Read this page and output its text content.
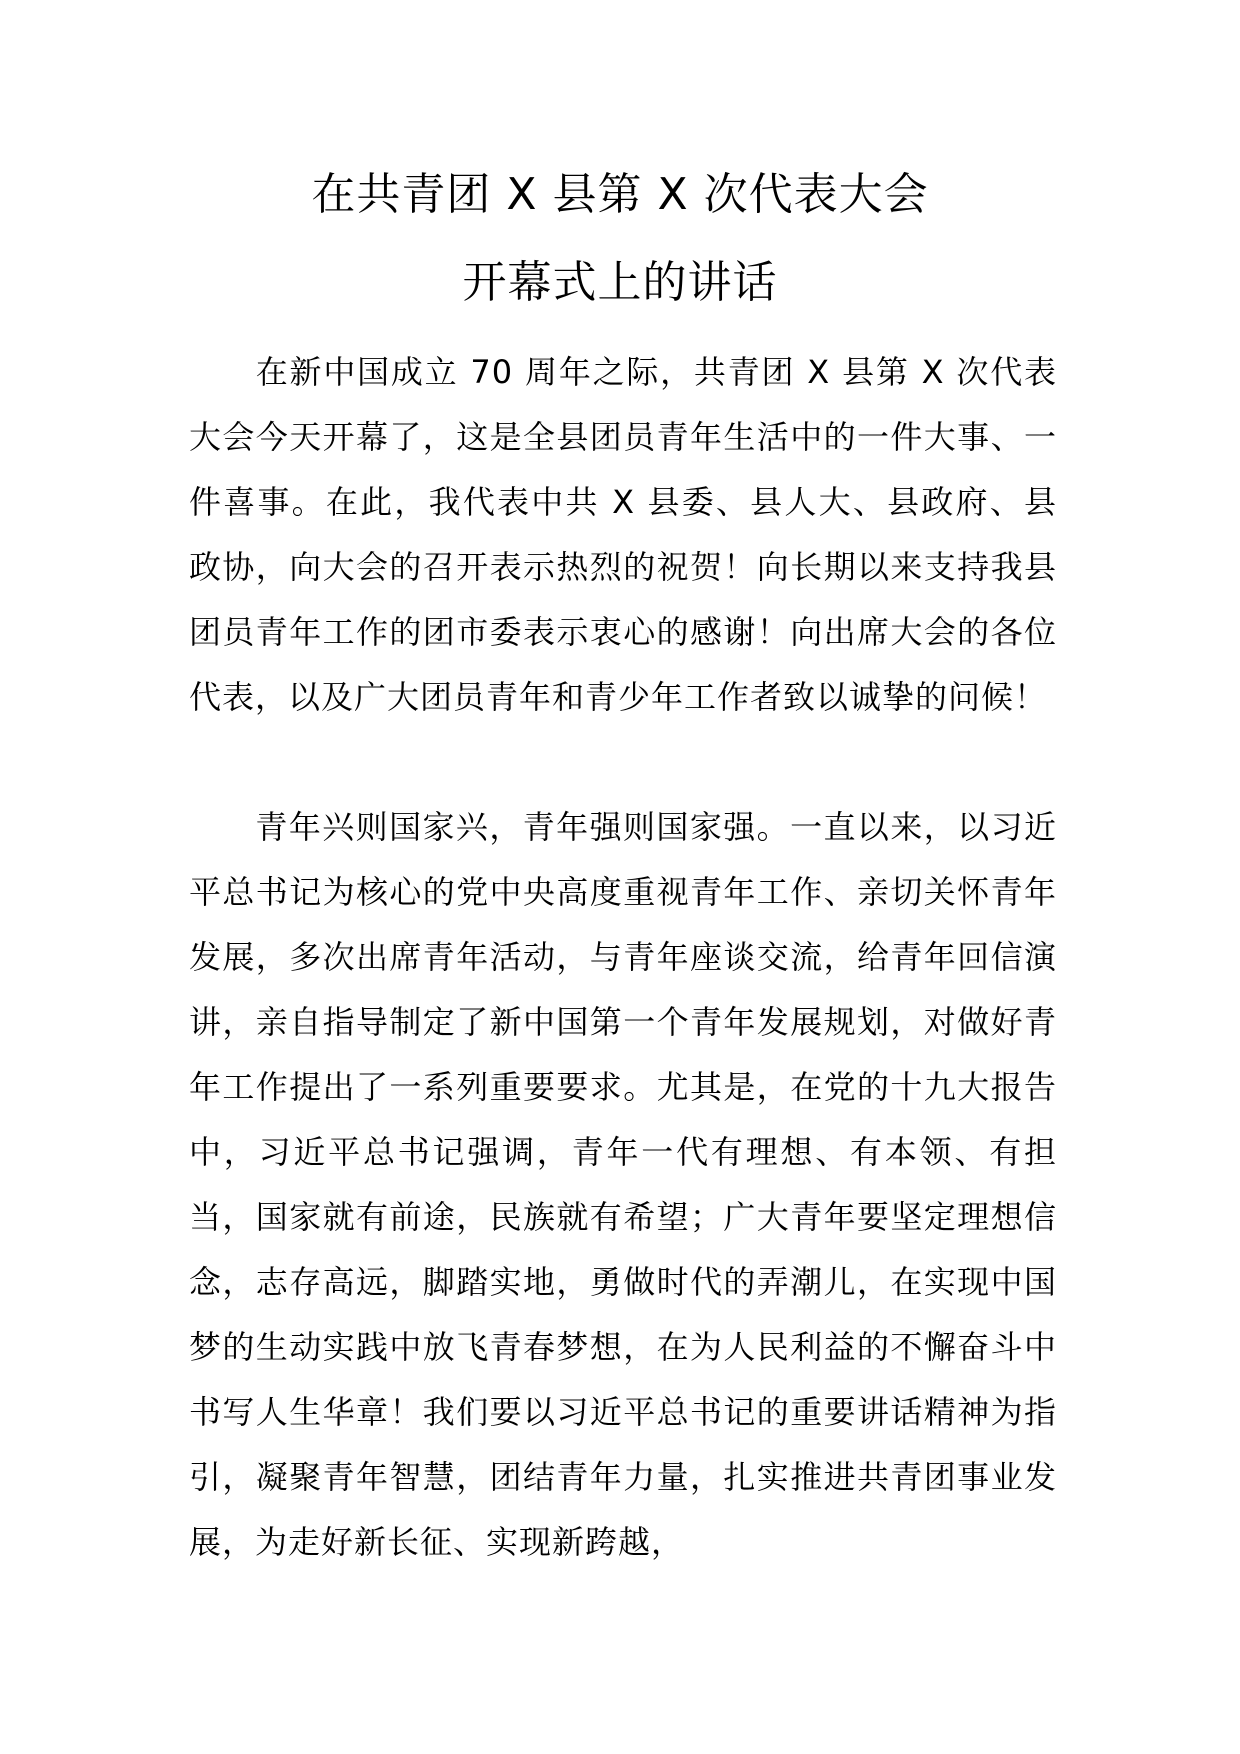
在共青团 X 县第 X 次代表大会
开幕式上的讲话

在新中国成立 70 周年之际，共青团 X 县第 X 次代表大会今天开幕了，这是全县团员青年生活中的一件大事、一件喜事。在此，我代表中共 X 县委、县人大、县政府、县政协，向大会的召开表示热烈的祝贺！向长期以来支持我县团员青年工作的团市委表示衷心的感谢！向出席大会的各位代表，以及广大团员青年和青少年工作者致以诚挚的问候！

青年兴则国家兴，青年强则国家强。一直以来，以习近平总书记为核心的党中央高度重视青年工作、亲切关怀青年发展，多次出席青年活动，与青年座谈交流，给青年回信演讲，亲自指导制定了新中国第一个青年发展规划，对做好青年工作提出了一系列重要要求。尤其是，在党的十九大报告中，习近平总书记强调，青年一代有理想、有本领、有担当，国家就有前途，民族就有希望；广大青年要坚定理想信念，志存高远，脚踏实地，勇做时代的弄潮儿，在实现中国梦的生动实践中放飞青春梦想，在为人民利益的不懈奋斗中书写人生华章！我们要以习近平总书记的重要讲话精神为指引，凝聚青年智慧，团结青年力量，扎实推进共青团事业发展，为走好新长征、实现新跨越，
